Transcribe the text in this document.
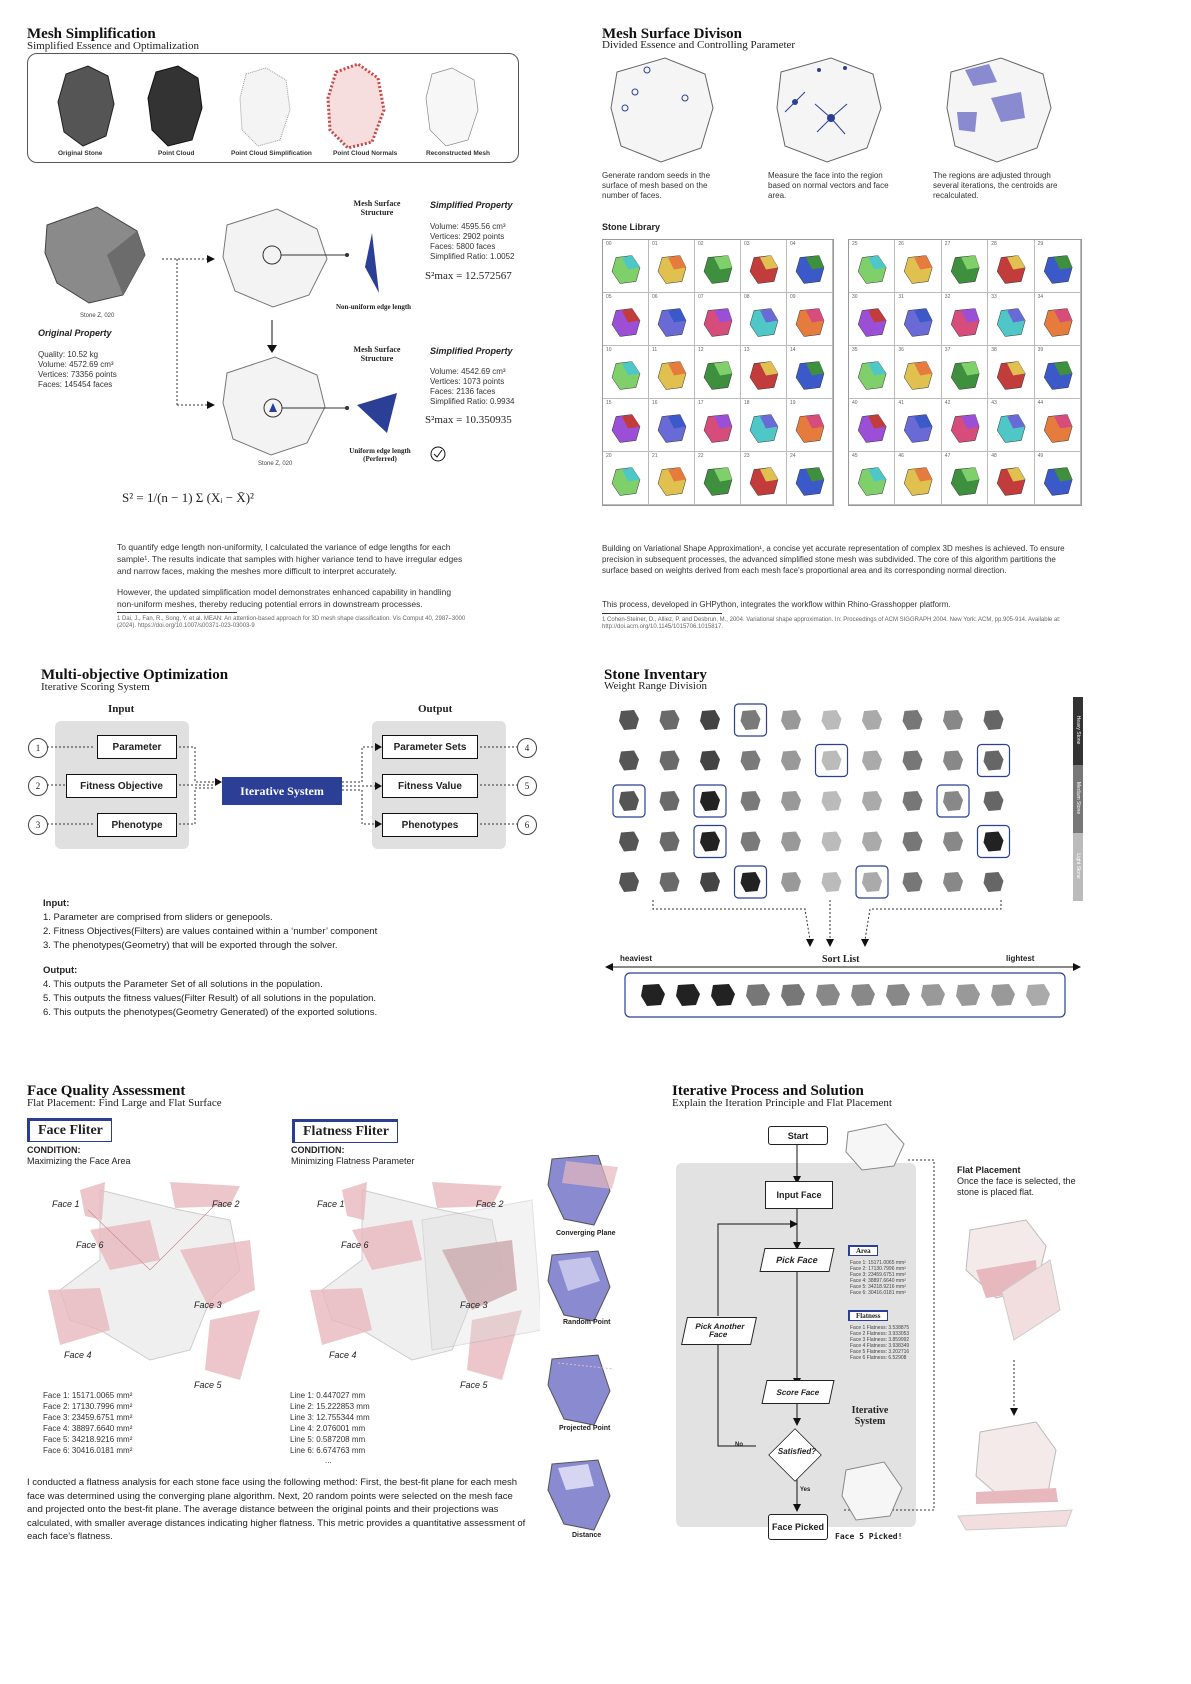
Mesh Simplification
Simplified Essence and Optimalization
Original Stone	Point Cloud	Point Cloud Simplification	Point Cloud Normals	Reconstructed Mesh
Stone Z, 020
Stone Z, 020
Original Property
Quality: 10.52 kg
Volume: 4572.69 cm³
Vertices: 73356 points
Faces: 145454 faces
Mesh Surface Structure
Simplified Property
Volume: 4595.56 cm³
Vertices: 2902 points
Faces: 5800 faces
Simplified Ratio: 1.0052
S²max = 12.572567
Non-uniform edge length
Mesh Surface Structure
Simplified Property
Volume: 4542.69 cm³
Vertices: 1073 points
Faces: 2136 faces
Simplified Ratio: 0.9934
S²max = 10.350935
Uniform edge length (Perferred)
S² = 1/(n − 1) Σ (Xᵢ − X̄)²
To quantify edge length non-uniformity, I calculated the variance of edge lengths for each sample¹. The results indicate that samples with higher variance tend to have irregular edges and narrow faces, making the meshes more difficult to interpret accurately.
However, the updated simplification model demonstrates enhanced capability in handling non-uniform meshes, thereby reducing potential errors in downstream processes.
1 Dai, J., Fan, R., Song, Y. et al. MEAN: An attention-based approach for 3D mesh shape classification. Vis Comput 40, 2987–3000 (2024). https://doi.org/10.1007/s00371-023-03003-9
Mesh Surface Divison
Divided Essence and Controlling Parameter
Generate random seeds in the surface of mesh based on the number of faces.
Measure the face into the region based on normal vectors and face area.
The regions are adjusted through several iterations, the centroids are recalculated.
Stone Library
00	01	02	03	04
05	06	07	08	09
10	11	12	13	14
15	16	17	18	19
20	21	22	23	24
25	26	27	28	29
30	31	32	33	34
35	36	37	38	39
40	41	42	43	44
45	46	47	48	49
Building on Variational Shape Approximation¹, a concise yet accurate representation of complex 3D meshes is achieved. To ensure precision in subsequent processes, the advanced simplified stone mesh was subdivided. The core of this algorithm partitions the surface based on weights derived from each mesh face's proportional area and its corresponding normal direction.
This process, developed in GHPython, integrates the workflow within Rhino-Grasshopper platform.
1 Cohen-Steiner, D., Alliez, P. and Desbrun, M., 2004. Variational shape approximation. In: Proceedings of ACM SIGGRAPH 2004. New York: ACM, pp.905-914. Available at: http://doi.acm.org/10.1145/1015706.1015817.
Multi-objective Optimization
Iterative Scoring System
Input	Output
1
2
3
4
5
6
Parameter
Fitness Objective
Phenotype
Iterative System
Parameter Sets
Fitness Value
Phenotypes
Input:
1. Parameter are comprised from sliders or genepools.
2. Fitness Objectives(Filters) are values contained within a ‘number’ component
3. The phenotypes(Geometry) that will be exported through the solver.
Output:
4. This outputs the Parameter Set of all solutions in the population.
5. This outputs the fitness values(Filter Result) of all solutions in the population.
6. This outputs the phenotypes(Geometry Generated) of the exported solutions.
Stone Inventary
Weight Range Division
Heavy Stone
Medium Stone
Light Stone
heaviest	lightest
Sort List
Face Quality Assessment
Flat Placement: Find Large and Flat Surface
Face Fliter
CONDITION:
Maximizing the Face Area
Flatness Fliter
CONDITION:
Minimizing Flatness Parameter
Face 1	Face 2
Face 6
Face 3
Face 4
Face 5
Face 1	Face 2
Face 6
Face 3
Face 4
Face 5
Face 1: 15171.0065 mm²
Face 2: 17130.7996 mm²
Face 3: 23459.6751 mm²
Face 4: 38897.6640 mm²
Face 5: 34218.9216 mm²
Face 6: 30416.0181 mm²
Line 1: 0.447027 mm
Line 2: 15.222853 mm
Line 3: 12.755344 mm
Line 4: 2.076001 mm
Line 5: 0.587208 mm
Line 6: 6.674763 mm
...
Converging Plane
Random Point
Projected Point
Distance
I conducted a flatness analysis for each stone face using the following method: First, the best-fit plane for each mesh face was determined using the converging plane algorithm. Next, 20 random points were selected on the mesh face and projected onto the best-fit plane. The average distance between the original points and their projections was calculated, with smaller average distances indicating higher flatness. This metric provides a quantitative assessment of each face's flatness.
Iterative Process and Solution
Explain the Iteration Principle and Flat Placement
Start
Input Face
Pick Face
Pick Another Face
Score Face
Satisfied?
No
Yes
Face Picked
Iterative System
Area
Face 1: 15171.0065 mm²
Face 2: 17130.7996 mm²
Face 3: 23459.6751 mm²
Face 4: 38897.6640 mm²
Face 5: 34218.9216 mm²
Face 6: 30416.0181 mm²
Flatness
Face 1 Flatness: 3.538875
Face 2 Flatness: 3.933053
Face 3 Flatness: 3.859992
Face 4 Flatness: 3.938349
Face 5 Flatness: 3.202716
Face 6 Flatness: 6.52908
Flat Placement
Once the face is selected, the stone is placed flat.
Face 5 Picked!
